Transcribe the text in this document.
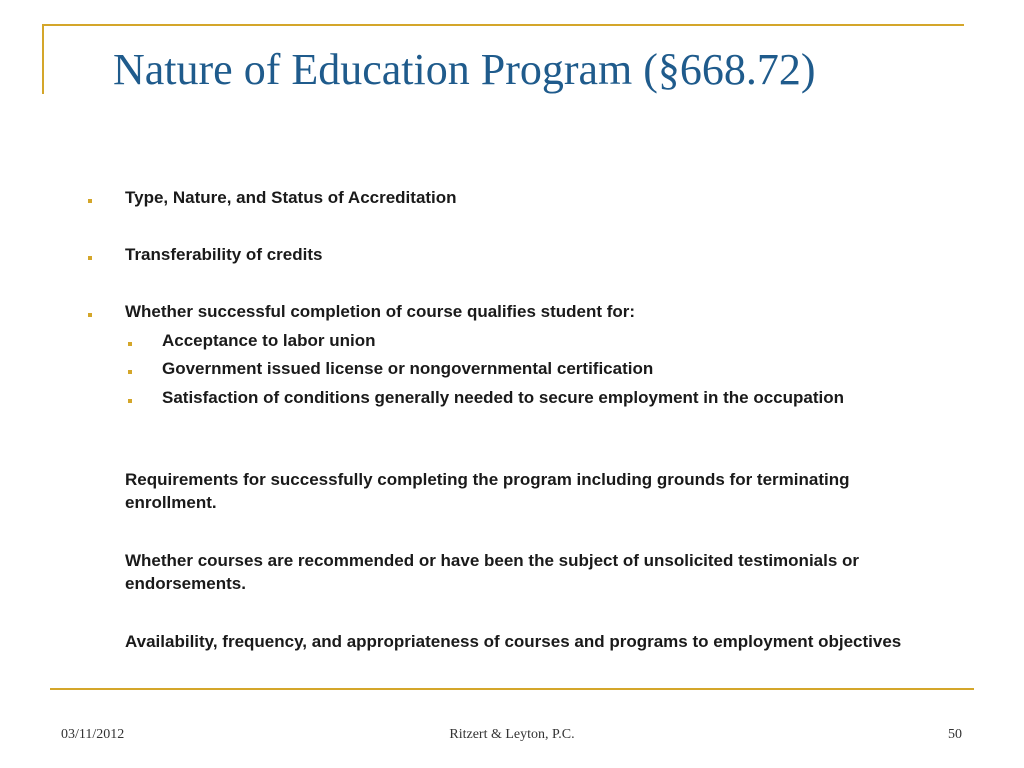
Nature of Education Program (§668.72)
Type, Nature, and Status of Accreditation
Transferability of credits
Whether successful completion of course qualifies student for:
Acceptance to labor union
Government issued license or nongovernmental certification
Satisfaction of conditions generally needed to secure employment in the occupation
Requirements for successfully completing the program including grounds for terminating enrollment.
Whether courses are recommended or have been the subject of unsolicited testimonials or endorsements.
Availability, frequency, and appropriateness of courses and programs to employment objectives
03/11/2012	Ritzert & Leyton, P.C.	50
